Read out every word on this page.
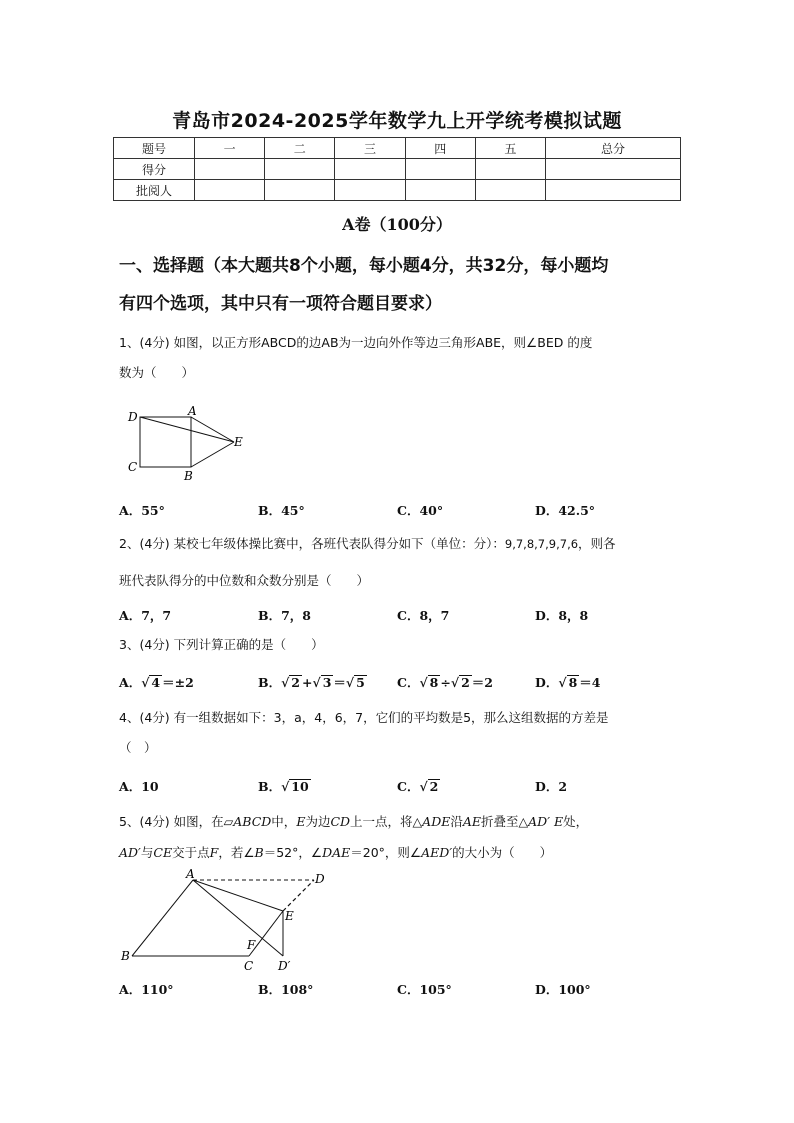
青岛市2024-2025学年数学九上开学统考模拟试题
题号	一	二	三	四	五	总分
得分						
批阅人						
A卷（100分）
一、选择题（本大题共8个小题，每小题4分，共32分，每小题均
有四个选项，其中只有一项符合题目要求）
1、(4分) 如图，以正方形ABCD的边AB为一边向外作等边三角形ABE，则∠BED 的度
数为（　　）
D	A
E
C
B
A．55°	B．45°	C．40°	D．42.5°
2、(4分) 某校七年级体操比赛中，各班代表队得分如下（单位：分）：9,7,8,7,9,7,6，则各
班代表队得分的中位数和众数分别是（　　）
A．7，7	B．7，8	C．8，7	D．8，8
3、(4分) 下列计算正确的是（　　）
A．√ 4 ＝±2	B．√ 2 +√ 3 ＝√ 5	C．√ 8 ÷√ 2 ＝2	D．√ 8 ＝4
4、(4分) 有一组数据如下：3，a，4，6，7，它们的平均数是5，那么这组数据的方差是
（　）
A．10	B．√ 10	C．√ 2	D．2
5、(4分) 如图，在▱ABCD中，E为边CD上一点，将△ADE沿AE折叠至△AD′ E处，
AD′与CE交于点F，若∠B＝52°，∠DAE＝20°，则∠AED′的大小为（　　）
A	D
E
F
B
C D′
A．110°	B．108°	C．105°	D．100°
